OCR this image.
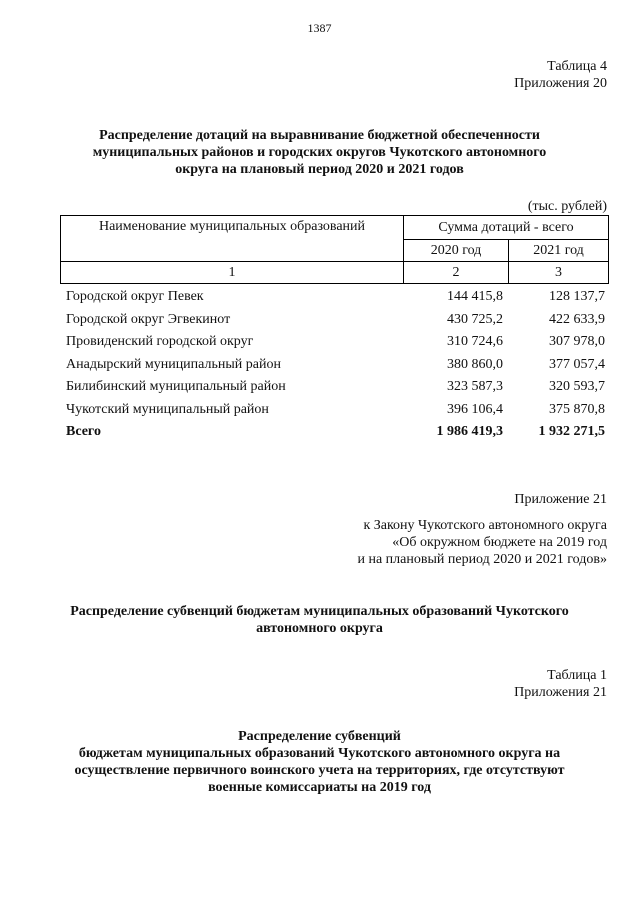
1387
Таблица 4
Приложения 20
Распределение дотаций на выравнивание бюджетной обеспеченности
муниципальных районов и городских округов Чукотского автономного
округа на плановый период 2020 и 2021 годов
(тыс. рублей)
Наименование муниципальных образований	Сумма дотаций - всего	
	2020 год	2021 год
1	2	3
Городской округ Певек	144 415,8	128 137,7
Городской округ Эгвекинот	430 725,2	422 633,9
Провиденский городской округ	310 724,6	307 978,0
Анадырский муниципальный район	380 860,0	377 057,4
Билибинский муниципальный район	323 587,3	320 593,7
Чукотский муниципальный район	396 106,4	375 870,8
Всего	1 986 419,3	1 932 271,5
Приложение 21
к Закону Чукотского автономного округа
«Об окружном бюджете на 2019 год
и на плановый период 2020 и 2021 годов»
Распределение субвенций бюджетам муниципальных образований Чукотского
автономного округа
Таблица 1
Приложения 21
Распределение субвенций
бюджетам муниципальных образований Чукотского автономного округа на
осуществление первичного воинского учета на территориях, где отсутствуют
военные комиссариаты на 2019 год
